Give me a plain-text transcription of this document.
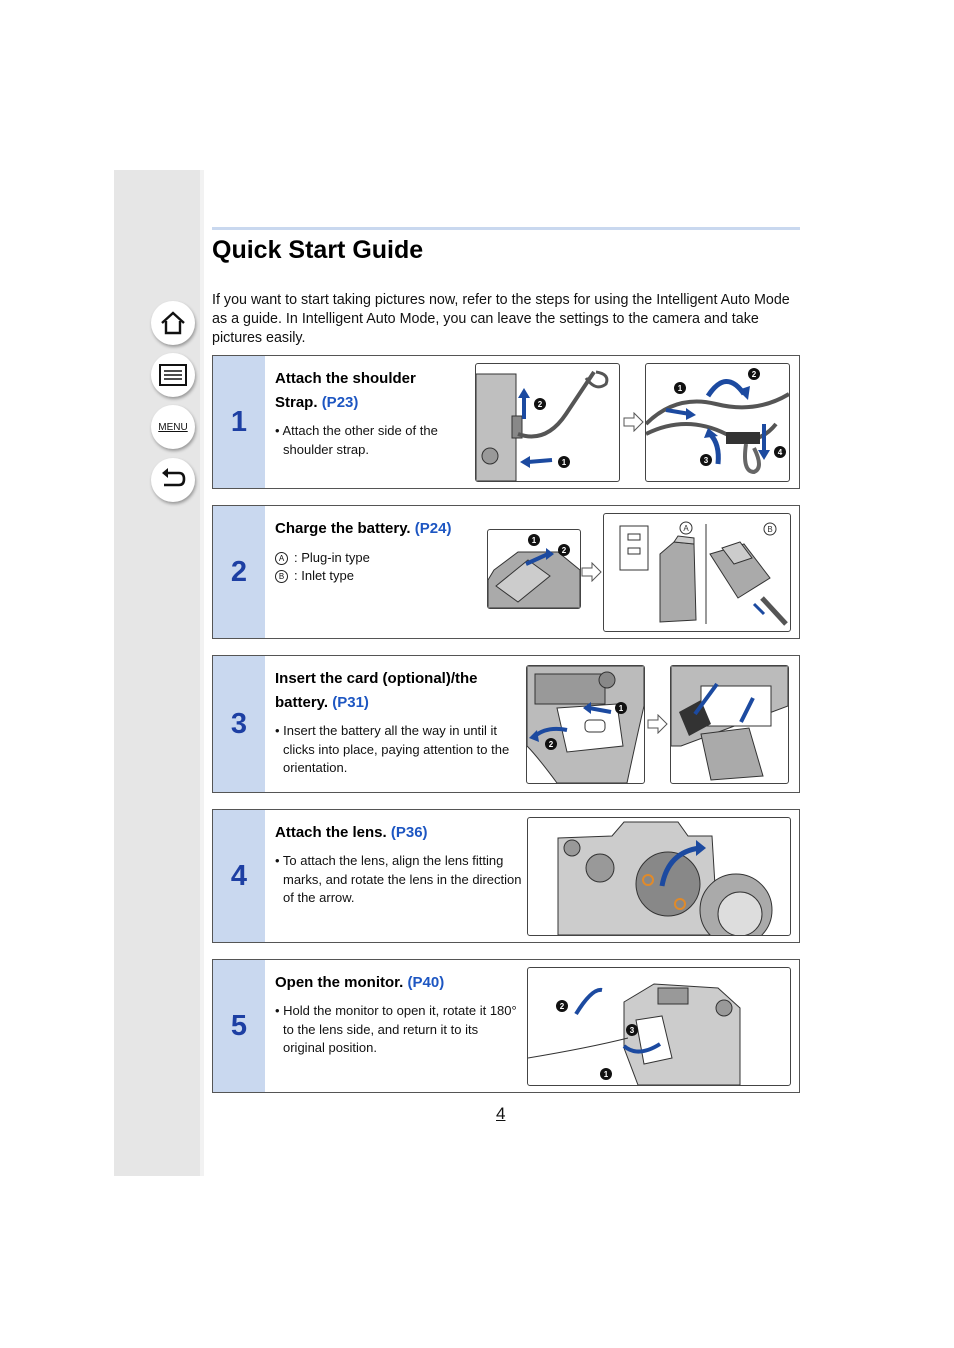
MENU
Quick Start Guide
If you want to start taking pictures now, refer to the steps for using the Intelligent Auto Mode as a guide. In Intelligent Auto Mode, you can leave the settings to the camera and take pictures easily.
1
Attach the shoulder Strap. (P23)
• Attach the other side of the shoulder strap.
2
1
1
2
3
4
2
Charge the battery. (P24)
A : Plug-in type
B : Inlet type
1
2
A	B
3
Insert the card (optional)/the battery. (P31)
• Insert the battery all the way in until it clicks into place, paying attention to the orientation.
1
2
4
Attach the lens. (P36)
• To attach the lens, align the lens fitting marks, and rotate the lens in the direction of the arrow.
5
Open the monitor. (P40)
• Hold the monitor to open it, rotate it 180° to the lens side, and return it to its original position.
2
3
1
4
